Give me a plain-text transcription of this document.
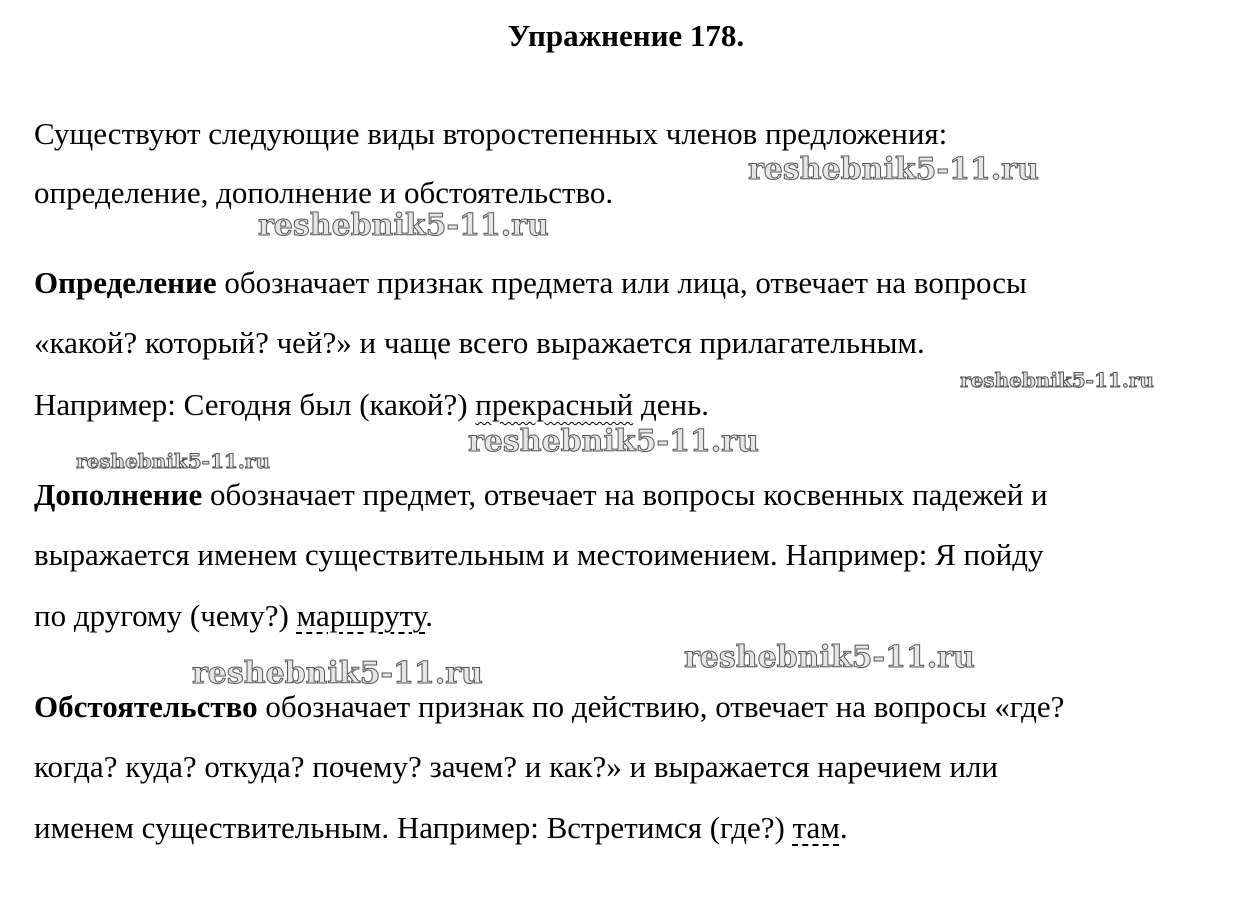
Упражнение 178.
Существуют следующие виды второстепенных членов предложения:
определение, дополнение и обстоятельство.
Определение обозначает признак предмета или лица, отвечает на вопросы
«какой? который? чей?» и чаще всего выражается прилагательным.
Например: Сегодня был (какой?) прекрасный день.
Дополнение обозначает предмет, отвечает на вопросы косвенных падежей и
выражается именем существительным и местоимением. Например: Я пойду
по другому (чему?) маршруту.
Обстоятельство обозначает признак по действию, отвечает на вопросы «где?
когда? куда? откуда? почему? зачем? и как?» и выражается наречием или
именем существительным. Например: Встретимся (где?) там.
reshebnik5-11.ru
reshebnik5-11.ru
reshebnik5-11.ru
reshebnik5-11.ru
reshebnik5-11.ru
reshebnik5-11.ru
reshebnik5-11.ru
